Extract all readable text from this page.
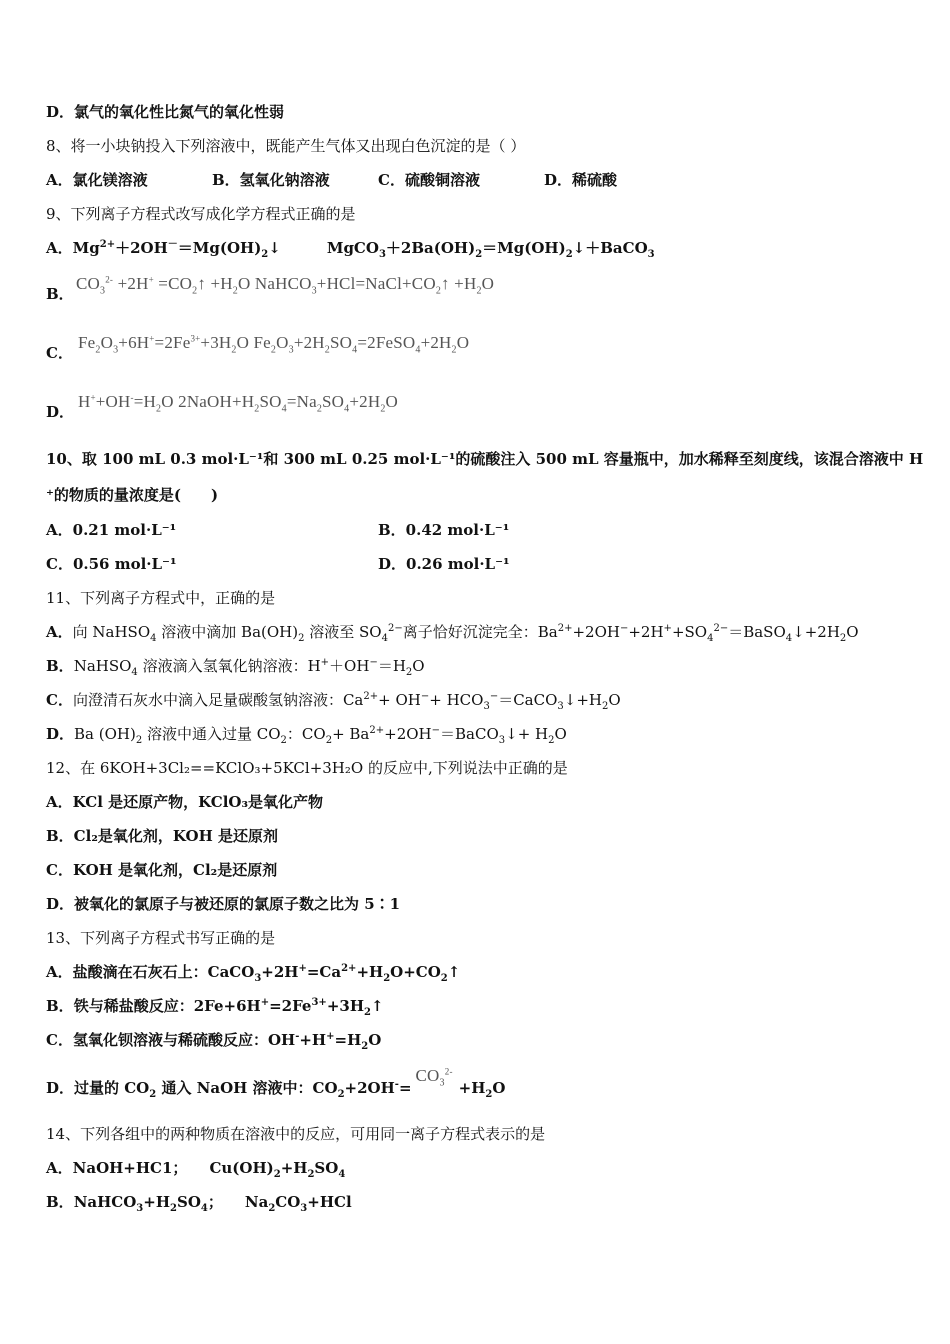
D．氯气的氧化性比氮气的氧化性弱
8、将一小块钠投入下列溶液中，既能产生气体又出现白色沉淀的是（ ）
A．氯化镁溶液	B．氢氧化钠溶液	C．硫酸铜溶液	D．稀硫酸
9、下列离子方程式改写成化学方程式正确的是
A．$Mg^{2+}+2OH^-=Mg(OH)_2↓$	$MgCO_3+2Ba(OH)_2=Mg(OH)_2↓+BaCO_3$
B．
$CO_3^{2-} +2H^+$ $=CO_2↑ +H_2O$ $NaHCO_3+HCl=NaCl+CO_2↑ +H_2O$
C．
$Fe_2O_3+6H^+=2Fe^{3+}+3H_2O$ $Fe_2O_3+2H_2SO_4=2FeSO_4+2H_2O$
D．
$H^++OH^-=H_2O$ $2NaOH+H_2SO_4=Na_2SO_4+2H_2O$
10、取 100 mL 0.3 mol·L⁻¹和 300 mL 0.25 mol·L⁻¹的硫酸注入 500 mL 容量瓶中，加水稀释至刻度线，该混合溶液中 H
⁺的物质的量浓度是(　　)
A．0.21 mol·L⁻¹	B．0.42 mol·L⁻¹
C．0.56 mol·L⁻¹	D．0.26 mol·L⁻¹
11、下列离子方程式中，正确的是
A．向 NaHSO$_4$ 溶液中滴加 $Ba(OH)_2$ 溶液至 $SO_4^{2-}$离子恰好沉淀完全：$Ba^{2+}+2OH^-+2H^++SO_4^{2-}=BaSO_4↓+2H_2O$
B．NaHSO$_4$ 溶液滴入氢氧化钠溶液：$H^++OH^-=H_2O$
C．向澄清石灰水中滴入足量碳酸氢钠溶液：$Ca^{2+}+ OH^-+$ $HCO_3^-=CaCO_3↓+H_2O$
D．Ba $(OH)_2$ 溶液中通入过量 $CO_2$：$CO_2+$ $Ba^{2+}+2OH^-=BaCO_3↓+ H_2O$
12、在 6KOH+3Cl₂==KClO₃+5KCl+3H₂O 的反应中,下列说法中正确的是
A．KCl 是还原产物，KClO₃是氧化产物
B．Cl₂是氧化剂，KOH 是还原剂
C．KOH 是氧化剂，Cl₂是还原剂
D．被氧化的氯原子与被还原的氯原子数之比为 5∶1
13、下列离子方程式书写正确的是
A．盐酸滴在石灰石上：$CaCO_3+2H^+=Ca^{2+}+H_2O+CO_2↑$
B．铁与稀盐酸反应：$2Fe+6H^+=2Fe^{3+}+3H_2↑$
C．氢氧化钡溶液与稀硫酸反应：$OH^-+H^+=H_2O$
D．过量的 $CO_2$ 通入 NaOH 溶液中：$CO_2+2OH^-=CO_3^{2-}+H_2O$
14、下列各组中的两种物质在溶液中的反应，可用同一离子方程式表示的是
A．NaOH+HC1； $Cu(OH)_2+H_2SO_4$
B．$NaHCO_3+H_2SO_4$； $Na_2CO_3+HCl$
